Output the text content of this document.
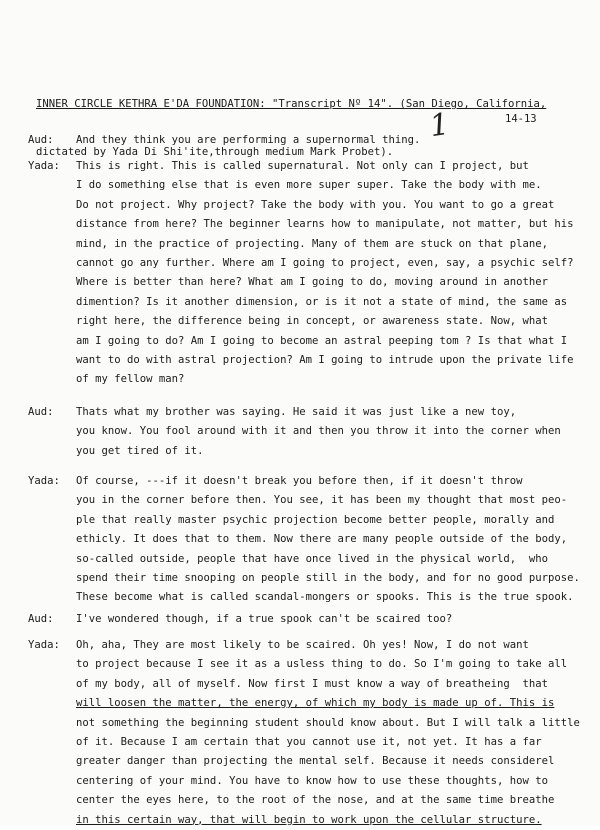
INNER CIRCLE KETHRA E'DA FOUNDATION: "Transcript Nº 14". (San Diego, California,

dictated by Yada Di Shi'ite,through medium Mark Probet).

1	14-13
Aud: And they think you are performing a supernormal thing.
Yada:	This is right. This is called supernatural. Not only can I project, but
I do something else that is even more super super. Take the body with me.
Do not project. Why project? Take the body with you. You want to go a great
distance from here? The beginner learns how to manipulate, not matter, but his
mind, in the practice of projecting. Many of them are stuck on that plane,
cannot go any further. Where am I going to project, even, say, a psychic self?
Where is better than here? What am I going to do, moving around in another
dimention? Is it another dimension, or is it not a state of mind, the same as
right here, the difference being in concept, or awareness state. Now, what
am I going to do? Am I going to become an astral peeping tom ? Is that what I
want to do with astral projection? Am I going to intrude upon the private life
of my fellow man?
Aud:	Thats what my brother was saying. He said it was just like a new toy,
you know. You fool around with it and then you throw it into the corner when
you get tired of it.
Yada:	Of course, ---if it doesn't break you before then, if it doesn't throw
you in the corner before then. You see, it has been my thought that most peo-
ple that really master psychic projection become better people, morally and
ethicly. It does that to them. Now there are many people outside of the body,
so-called outside, people that have once lived in the physical world,  who
spend their time snooping on people still in the body, and for no good purpose.
These become what is called scandal-mongers or spooks. This is the true spook.
Aud:	I've wondered though, if a true spook can't be scaired too?
Yada:	Oh, aha, They are most likely to be scaired. Oh yes! Now, I do not want
to project because I see it as a usless thing to do. So I'm going to take all
of my body, all of myself. Now first I must know a way of breatheing  that
will loosen the matter, the energy, of which my body is made up of. This is
not something the beginning student should know about. But I will talk a little
of it. Because I am certain that you cannot use it, not yet. It has a far
greater danger than projecting the mental self. Because it needs considerel
centering of your mind. You have to know how to use these thoughts, how to
center the eyes here, to the root of the nose, and at the same time breathe
in this certain way, that will begin to work upon the cellular structure.
